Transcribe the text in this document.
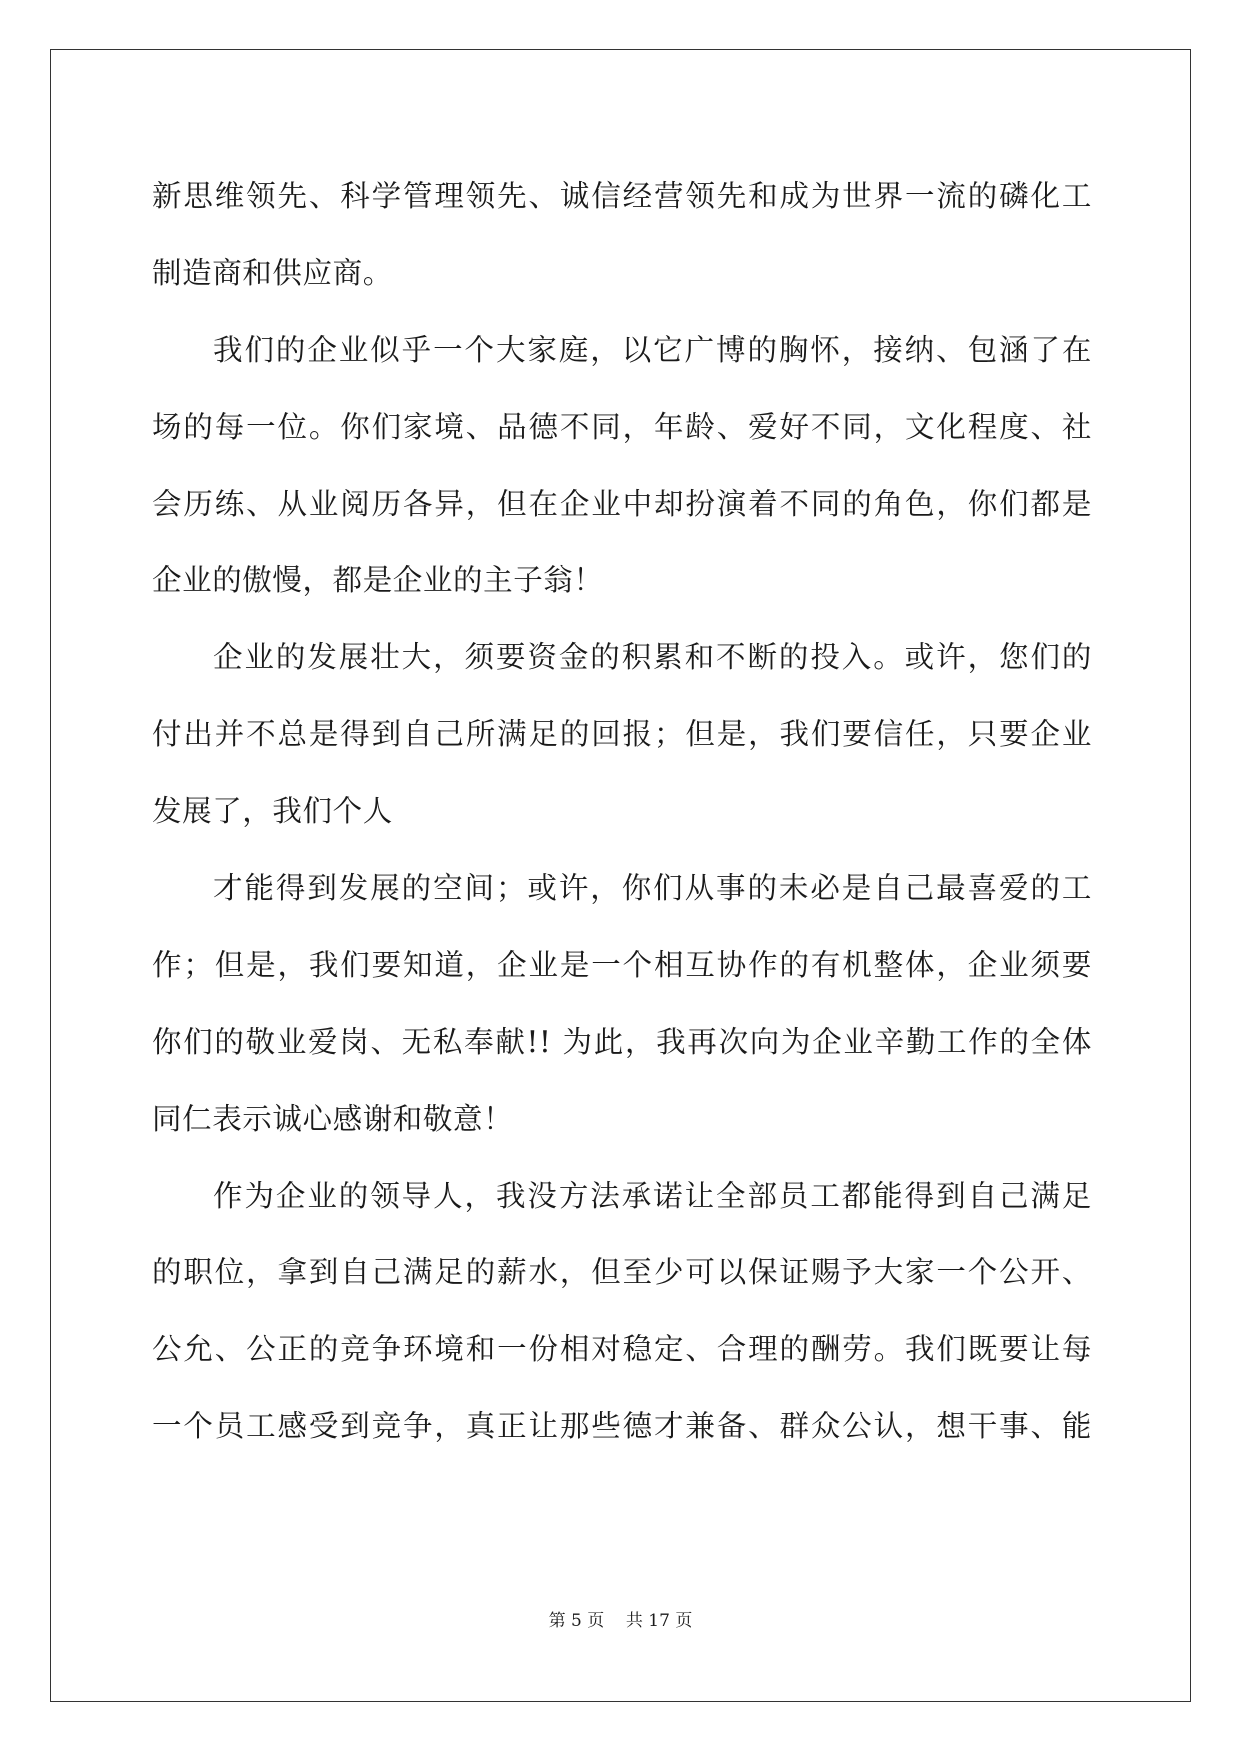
新思维领先、科学管理领先、诚信经营领先和成为世界一流的磷化工
制造商和供应商。
我们的企业似乎一个大家庭，以它广博的胸怀，接纳、包涵了在
场的每一位。你们家境、品德不同，年龄、爱好不同，文化程度、社
会历练、从业阅历各异，但在企业中却扮演着不同的角色，你们都是
企业的傲慢，都是企业的主子翁！
企业的发展壮大，须要资金的积累和不断的投入。或许，您们的
付出并不总是得到自己所满足的回报；但是，我们要信任，只要企业
发展了，我们个人
才能得到发展的空间；或许，你们从事的未必是自己最喜爱的工
作；但是，我们要知道，企业是一个相互协作的有机整体，企业须要
你们的敬业爱岗、无私奉献!! 为此，我再次向为企业辛勤工作的全体
同仁表示诚心感谢和敬意！
作为企业的领导人，我没方法承诺让全部员工都能得到自己满足
的职位，拿到自己满足的薪水，但至少可以保证赐予大家一个公开、
公允、公正的竞争环境和一份相对稳定、合理的酬劳。我们既要让每
一个员工感受到竞争，真正让那些德才兼备、群众公认，想干事、能
第 5 页 共 17 页
